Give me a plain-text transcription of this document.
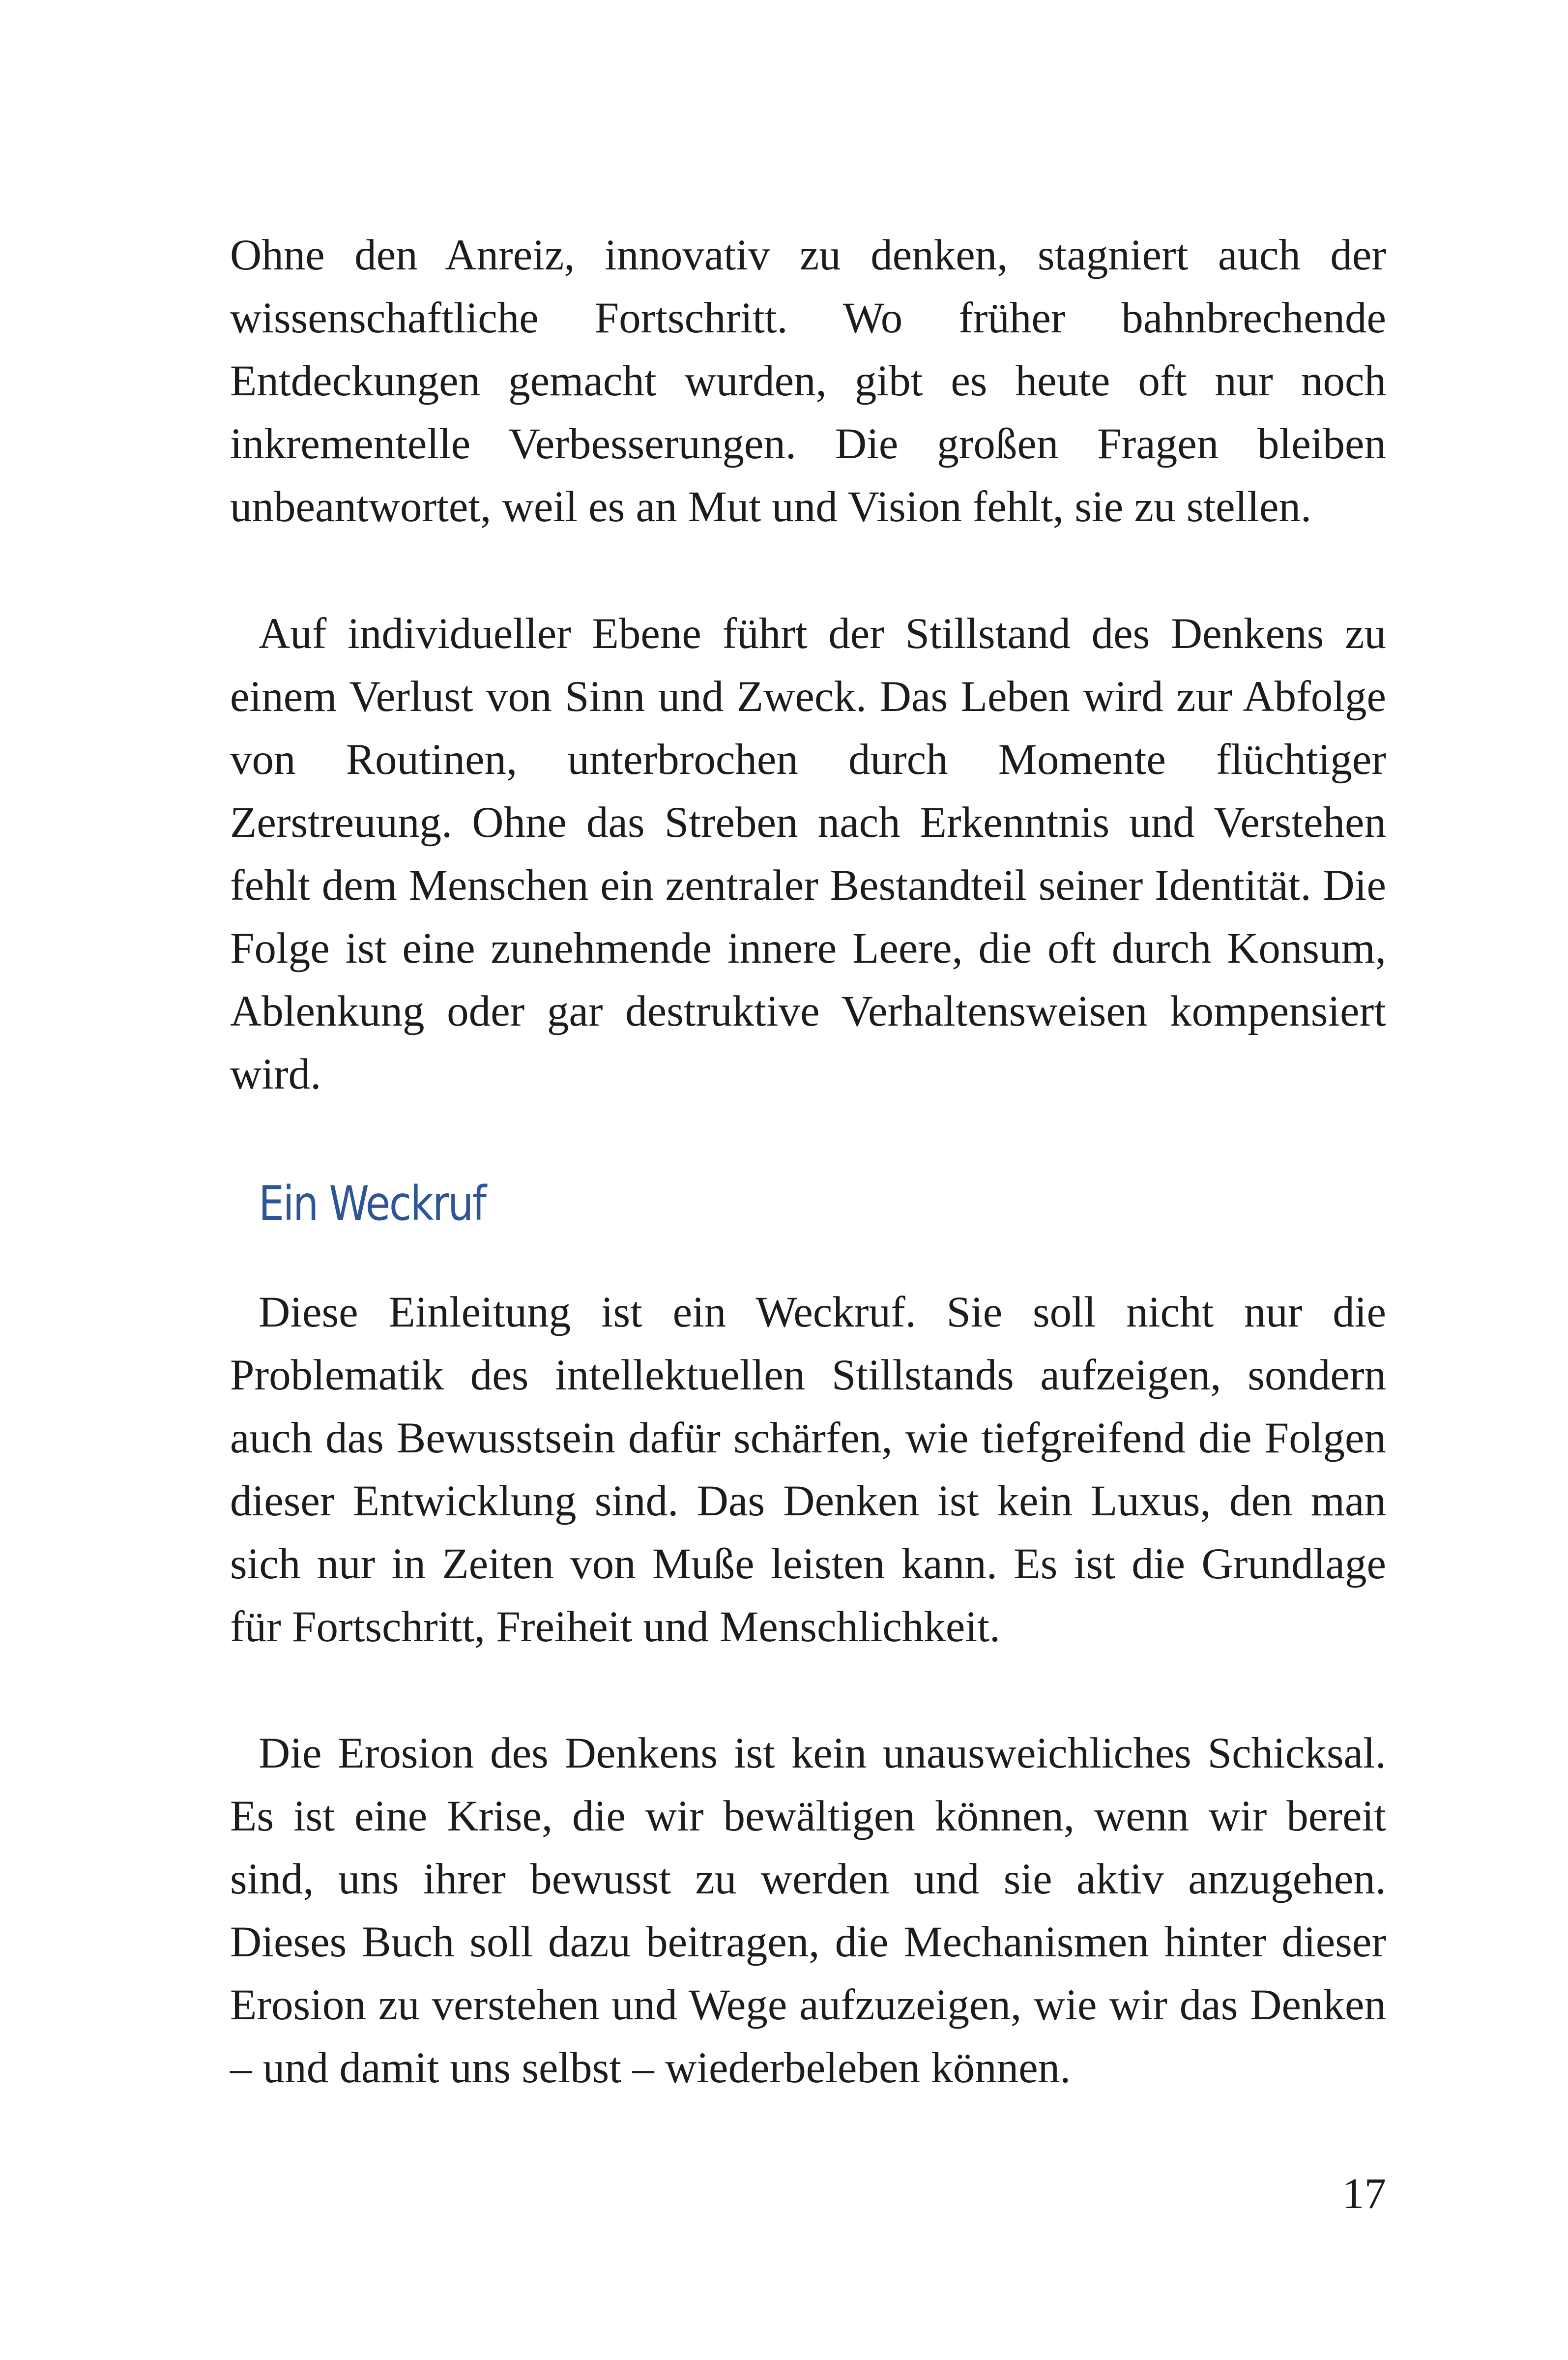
Ohne den Anreiz, innovativ zu denken, stagniert auch der wissenschaftliche Fortschritt. Wo früher bahnbrechende Entdeckungen gemacht wurden, gibt es heute oft nur noch inkrementelle Verbesserungen. Die großen Fragen bleiben unbeantwortet, weil es an Mut und Vision fehlt, sie zu stellen.

Auf individueller Ebene führt der Stillstand des Denkens zu einem Verlust von Sinn und Zweck. Das Leben wird zur Abfolge von Routinen, unterbrochen durch Momente flüchtiger Zerstreuung. Ohne das Streben nach Erkenntnis und Verstehen fehlt dem Menschen ein zentraler Bestandteil seiner Identität. Die Folge ist eine zunehmende innere Leere, die oft durch Konsum, Ablenkung oder gar destruktive Verhaltensweisen kompensiert wird.

Ein Weckruf

Diese Einleitung ist ein Weckruf. Sie soll nicht nur die Problematik des intellektuellen Stillstands aufzeigen, sondern auch das Bewusstsein dafür schärfen, wie tiefgreifend die Folgen dieser Entwicklung sind. Das Denken ist kein Luxus, den man sich nur in Zeiten von Muße leisten kann. Es ist die Grundlage für Fortschritt, Freiheit und Menschlichkeit.

Die Erosion des Denkens ist kein unausweichliches Schicksal. Es ist eine Krise, die wir bewältigen können, wenn wir bereit sind, uns ihrer bewusst zu werden und sie aktiv anzugehen. Dieses Buch soll dazu beitragen, die Mechanismen hinter dieser Erosion zu verstehen und Wege aufzuzeigen, wie wir das Denken – und damit uns selbst – wiederbeleben können.

17
